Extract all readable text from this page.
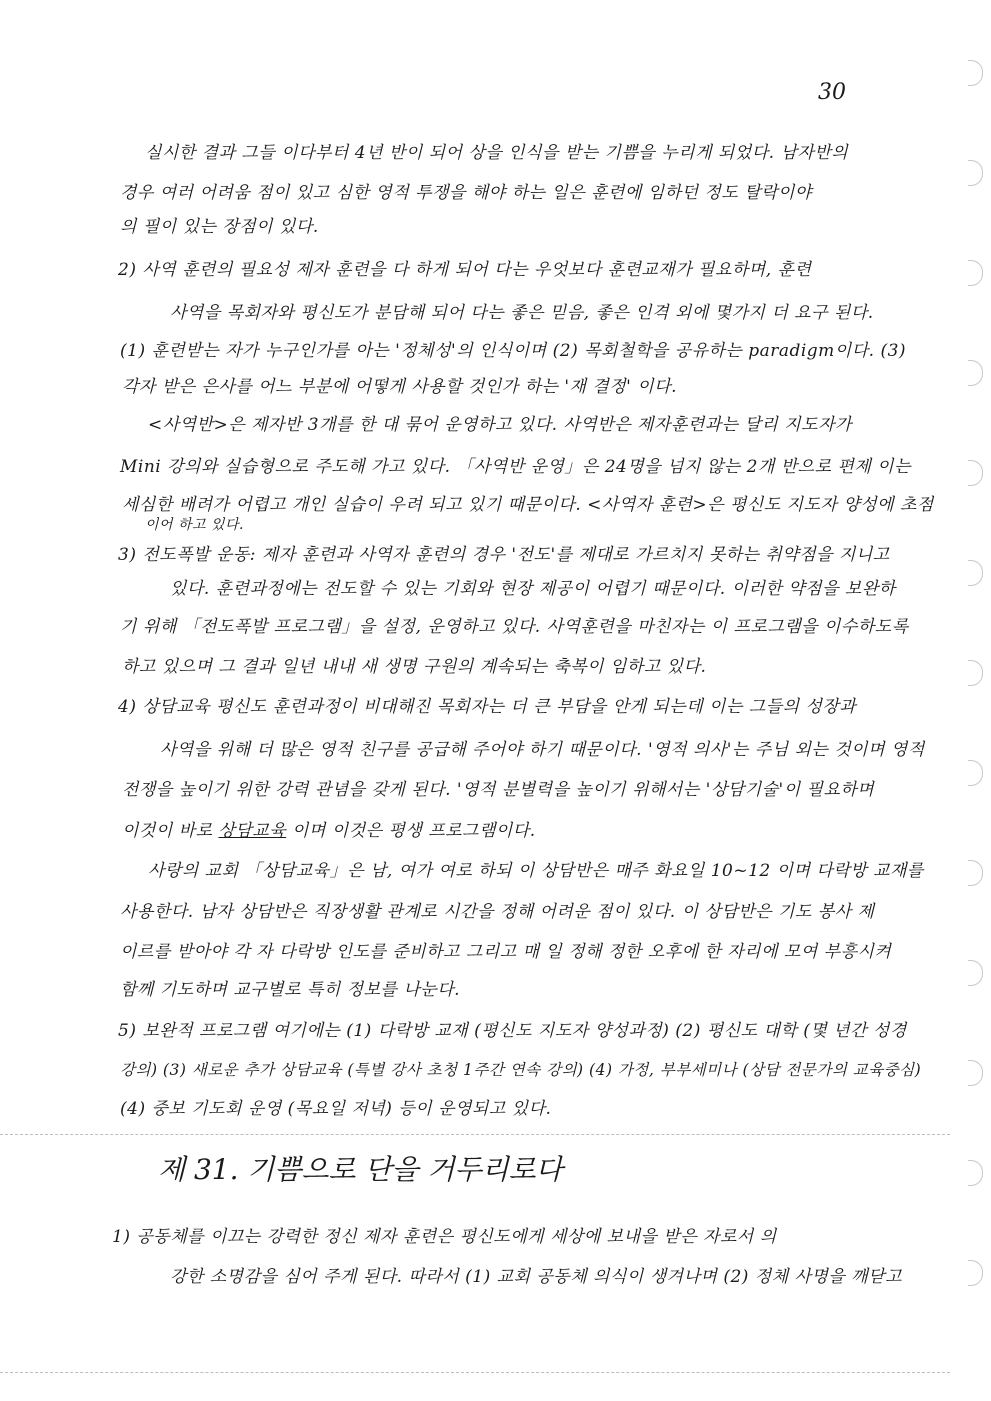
30
실시한 결과 그들 이다부터 4년 반이 되어 상을 인식을 받는 기쁨을 누리게 되었다. 남자반의
경우 여러 어려움 점이 있고 심한 영적 투쟁을 해야 하는 일은 훈련에 임하던 정도 탈락이야
의 필이 있는 장점이 있다.
2) 사역 훈련의 필요성 제자 훈련을 다 하게 되어 다는 우엇보다 훈련교재가 필요하며, 훈련
사역을 목회자와 평신도가 분담해 되어 다는 좋은 믿음, 좋은 인격 외에 몇가지 더 요구 된다.
(1) 훈련받는 자가 누구인가를 아는 '정체성'의 인식이며 (2) 목회철학을 공유하는 paradigm이다. (3)
각자 받은 은사를 어느 부분에 어떻게 사용할 것인가 하는 '재 결정' 이다.
<사역반>은 제자반 3개를 한 대 묶어 운영하고 있다. 사역반은 제자훈련과는 달리 지도자가
Mini 강의와 실습형으로 주도해 가고 있다. 「사역반 운영」은 24명을 넘지 않는 2개 반으로 편제 이는
세심한 배려가 어렵고 개인 실습이 우려 되고 있기 때문이다. <사역자 훈련>은 평신도 지도자 양성에 초점
이어 하고 있다.
3) 전도폭발 운동: 제자 훈련과 사역자 훈련의 경우 '전도'를 제대로 가르치지 못하는 취약점을 지니고
있다. 훈련과정에는 전도할 수 있는 기회와 현장 제공이 어렵기 때문이다. 이러한 약점을 보완하
기 위해 「전도폭발 프로그램」을 설정, 운영하고 있다. 사역훈련을 마친자는 이 프로그램을 이수하도록
하고 있으며 그 결과 일년 내내 새 생명 구원의 계속되는 축복이 임하고 있다.
4) 상담교육 평신도 훈련과정이 비대해진 목회자는 더 큰 부담을 안게 되는데 이는 그들의 성장과
사역을 위해 더 많은 영적 친구를 공급해 주어야 하기 때문이다. '영적 의사'는 주님 외는 것이며 영적
전쟁을 높이기 위한 강력 관념을 갖게 된다. '영적 분별력을 높이기 위해서는 '상담기술'이 필요하며
이것이 바로 상담교육 이며 이것은 평생 프로그램이다.
사랑의 교회 「상담교육」은 남, 여가 여로 하되 이 상담반은 매주 화요일 10~12 이며 다락방 교재를
사용한다. 남자 상담반은 직장생활 관계로 시간을 정해 어려운 점이 있다. 이 상담반은 기도 봉사 제
이르를 받아야 각 자 다락방 인도를 준비하고 그리고 매 일 정해 정한 오후에 한 자리에 모여 부흥시켜
함께 기도하며 교구별로 특히 정보를 나눈다.
5) 보완적 프로그램 여기에는 (1) 다락방 교재 (평신도 지도자 양성과정) (2) 평신도 대학 (몇 년간 성경
강의) (3) 새로운 추가 상담교육 (특별 강사 초청 1주간 연속 강의) (4) 가정, 부부세미나 (상담 전문가의 교육중심)
(4) 중보 기도회 운영 (목요일 저녁) 등이 운영되고 있다.
제 31. 기쁨으로 단을 거두리로다
1) 공동체를 이끄는 강력한 정신 제자 훈련은 평신도에게 세상에 보내을 받은 자로서 의
강한 소명감을 심어 주게 된다. 따라서 (1) 교회 공동체 의식이 생겨나며 (2) 정체 사명을 깨닫고
